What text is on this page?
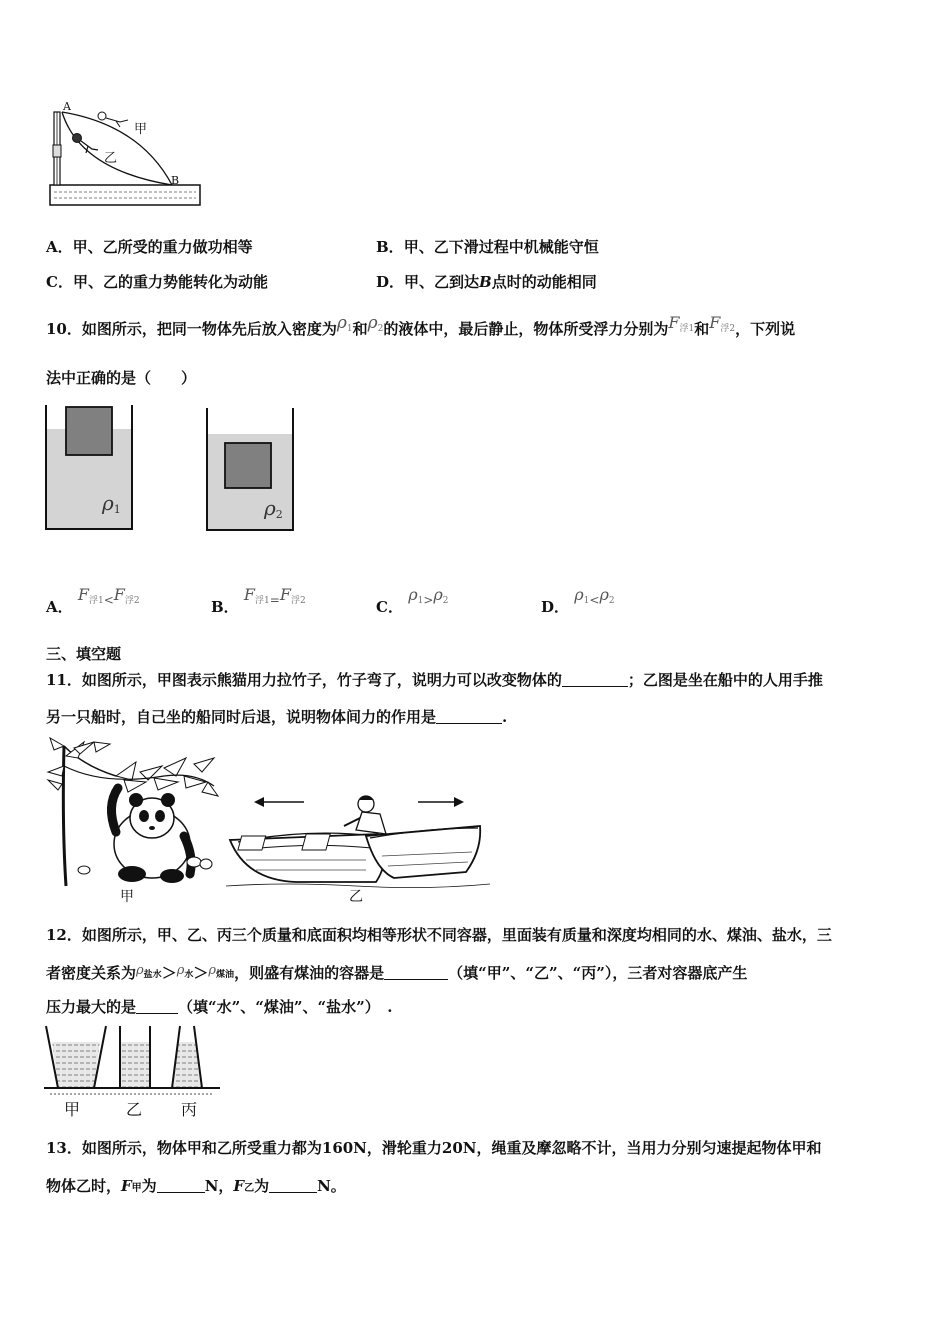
A
B
甲
乙
A．甲、乙所受的重力做功相等	B．甲、乙下滑过程中机械能守恒
C．甲、乙的重力势能转化为动能	D．甲、乙到达B点时的动能相同
10．如图所示，把同一物体先后放入密度为$\rho_1$和$\rho_2$的液体中，最后静止，物体所受浮力分别为$F_{浮1}$和$F_{浮2}$，下列说
法中正确的是（　　）
$\rho_1$	$\rho_2$
A． $F_{浮1<}F_{浮2}$	B． $F_{浮1=}F_{浮2}$	C． $\rho_{1>}\rho_2$	D． $\rho_{1<}\rho_2$
三、填空题
11．如图所示，甲图表示熊猫用力拉竹子，竹子弯了，说明力可以改变物体的	；乙图是坐在船中的人用手推
另一只船时，自己坐的船同时后退，说明物体间力的作用是	.
甲	乙
12．如图所示，甲、乙、丙三个质量和底面积均相等形状不同容器，里面装有质量和深度均相同的水、煤油、盐水，三
者密度关系为$\rho_{盐水}>\rho_水>\rho_{煤油}$，则盛有煤油的容器是	（填“甲”、“乙”、“丙”），三者对容器底产生
压力最大的是	（填“水”、“煤油”、“盐水”）　.
甲	乙 丙
13．如图所示，物体甲和乙所受重力都为160N，滑轮重力20N，绳重及摩忽略不计，当用力分别匀速提起物体甲和
物体乙时，F甲为	N，F乙为	N。
